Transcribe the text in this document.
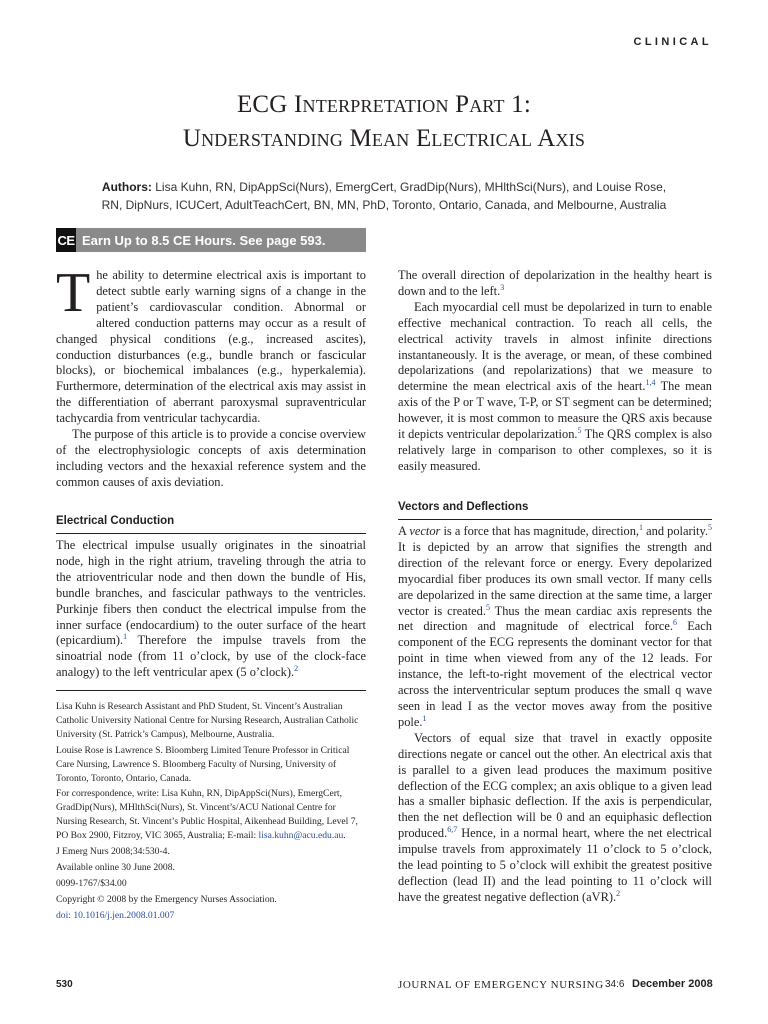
CLINICAL
ECG Interpretation Part 1:
Understanding Mean Electrical Axis
Authors: Lisa Kuhn, RN, DipAppSci(Nurs), EmergCert, GradDip(Nurs), MHlthSci(Nurs), and Louise Rose, RN, DipNurs, ICUCert, AdultTeachCert, BN, MN, PhD, Toronto, Ontario, Canada, and Melbourne, Australia
CE Earn Up to 8.5 CE Hours. See page 593.

The ability to determine electrical axis is important to detect subtle early warning signs of a change in the patient’s cardiovascular condition. Abnormal or altered conduction patterns may occur as a result of changed physical conditions (e.g., increased ascites), conduction disturbances (e.g., bundle branch or fascicular blocks), or biochemical imbalances (e.g., hyperkalemia). Furthermore, determination of the electrical axis may assist in the differentiation of aberrant paroxysmal supraventricular tachycardia from ventricular tachycardia.

The purpose of this article is to provide a concise overview of the electrophysiologic concepts of axis determination including vectors and the hexaxial reference system and the common causes of axis deviation.

Electrical Conduction

The electrical impulse usually originates in the sinoatrial node, high in the right atrium, traveling through the atria to the atrioventricular node and then down the bundle of His, bundle branches, and fascicular pathways to the ventricles. Purkinje fibers then conduct the electrical impulse from the inner surface (endocardium) to the outer surface of the heart (epicardium).$^1$ Therefore the impulse travels from the sinoatrial node (from 11 o’clock, by use of the clock-face analogy) to the left ventricular apex (5 o’clock).$^2$

Lisa Kuhn is Research Assistant and PhD Student, St. Vincent’s Australian Catholic University National Centre for Nursing Research, Australian Catholic University (St. Patrick’s Campus), Melbourne, Australia.

Louise Rose is Lawrence S. Bloomberg Limited Tenure Professor in Critical Care Nursing, Lawrence S. Bloomberg Faculty of Nursing, University of Toronto, Toronto, Ontario, Canada.

For correspondence, write: Lisa Kuhn, RN, DipAppSci(Nurs), EmergCert, GradDip(Nurs), MHlthSci(Nurs), St. Vincent’s/ACU National Centre for Nursing Research, St. Vincent’s Public Hospital, Aikenhead Building, Level 7, PO Box 2900, Fitzroy, VIC 3065, Australia; E-mail: lisa.kuhn@acu.edu.au.

J Emerg Nurs 2008;34:530-4.

Available online 30 June 2008.

0099-1767/$34.00

Copyright © 2008 by the Emergency Nurses Association.

doi: 10.1016/j.jen.2008.01.007

The overall direction of depolarization in the healthy heart is down and to the left.$^3$

Each myocardial cell must be depolarized in turn to enable effective mechanical contraction. To reach all cells, the electrical activity travels in almost infinite directions instantaneously. It is the average, or mean, of these combined depolarizations (and repolarizations) that we measure to determine the mean electrical axis of the heart.$^{1,4}$ The mean axis of the P or T wave, T-P, or ST segment can be determined; however, it is most common to measure the QRS axis because it depicts ventricular depolarization.$^5$ The QRS complex is also relatively large in comparison to other complexes, so it is easily measured.

Vectors and Deflections

A vector is a force that has magnitude, direction,$^1$ and polarity.$^5$ It is depicted by an arrow that signifies the strength and direction of the relevant force or energy. Every depolarized myocardial fiber produces its own small vector. If many cells are depolarized in the same direction at the same time, a larger vector is created.$^5$ Thus the mean cardiac axis represents the net direction and magnitude of electrical force.$^6$ Each component of the ECG represents the dominant vector for that point in time when viewed from any of the 12 leads. For instance, the left-to-right movement of the electrical vector across the interventricular septum produces the small q wave seen in lead I as the vector moves away from the positive pole.$^1$

Vectors of equal size that travel in exactly opposite directions negate or cancel out the other. An electrical axis that is parallel to a given lead produces the maximum positive deflection of the ECG complex; an axis oblique to a given lead has a smaller biphasic deflection. If the axis is perpendicular, then the net deflection will be 0 and an equiphasic deflection produced.$^{6,7}$ Hence, in a normal heart, where the net electrical impulse travels from approximately 11 o’clock to 5 o’clock, the lead pointing to 5 o’clock will exhibit the greatest positive deflection (lead II) and the lead pointing to 11 o’clock will have the greatest negative deflection (aVR).$^2$

530	JOURNAL OF EMERGENCY NURSING 34:6 December 2008
